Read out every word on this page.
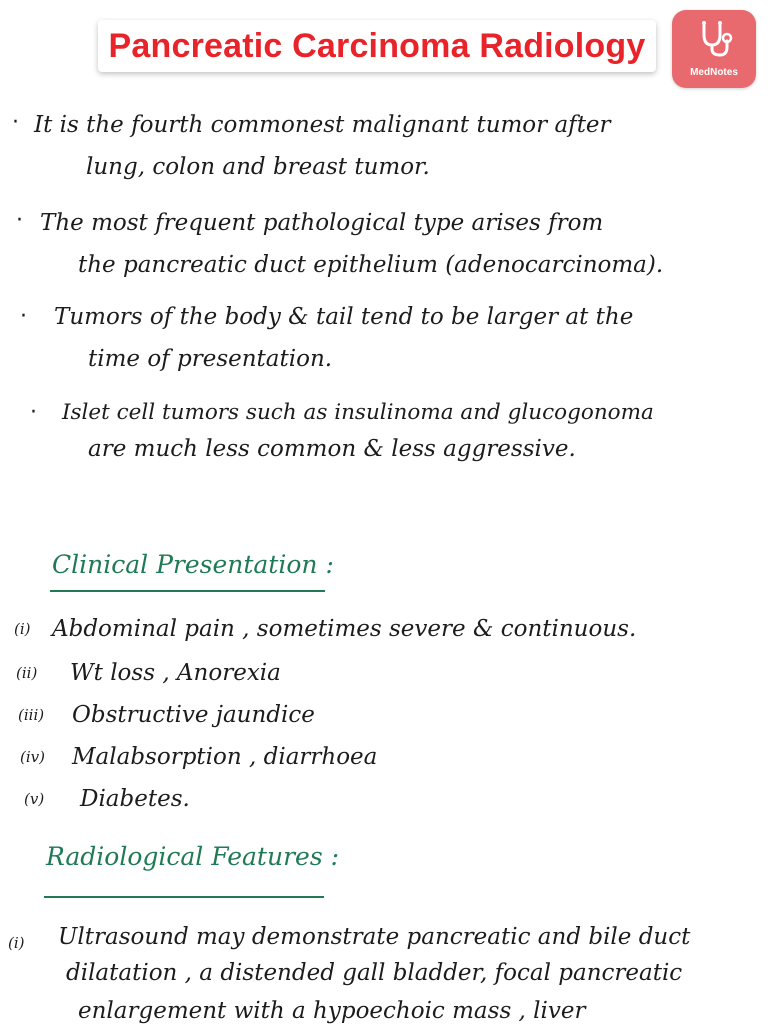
Pancreatic Carcinoma Radiology
MedNotes
· It is the fourth commonest malignant tumor after
lung, colon and breast tumor.
· The most frequent pathological type arises from
the pancreatic duct epithelium (adenocarcinoma).
· Tumors of the body & tail tend to be larger at the
time of presentation.
· Islet cell tumors such as insulinoma and glucogonoma
are much less common & less aggressive.
Clinical Presentation :
(i) Abdominal pain , sometimes severe & continuous.
(ii) Wt loss , Anorexia
(iii) Obstructive jaundice
(iv) Malabsorption , diarrhoea
(v) Diabetes.
Radiological Features :
(i) Ultrasound may demonstrate pancreatic and bile duct
dilatation , a distended gall bladder, focal pancreatic
enlargement with a hypoechoic mass , liver
